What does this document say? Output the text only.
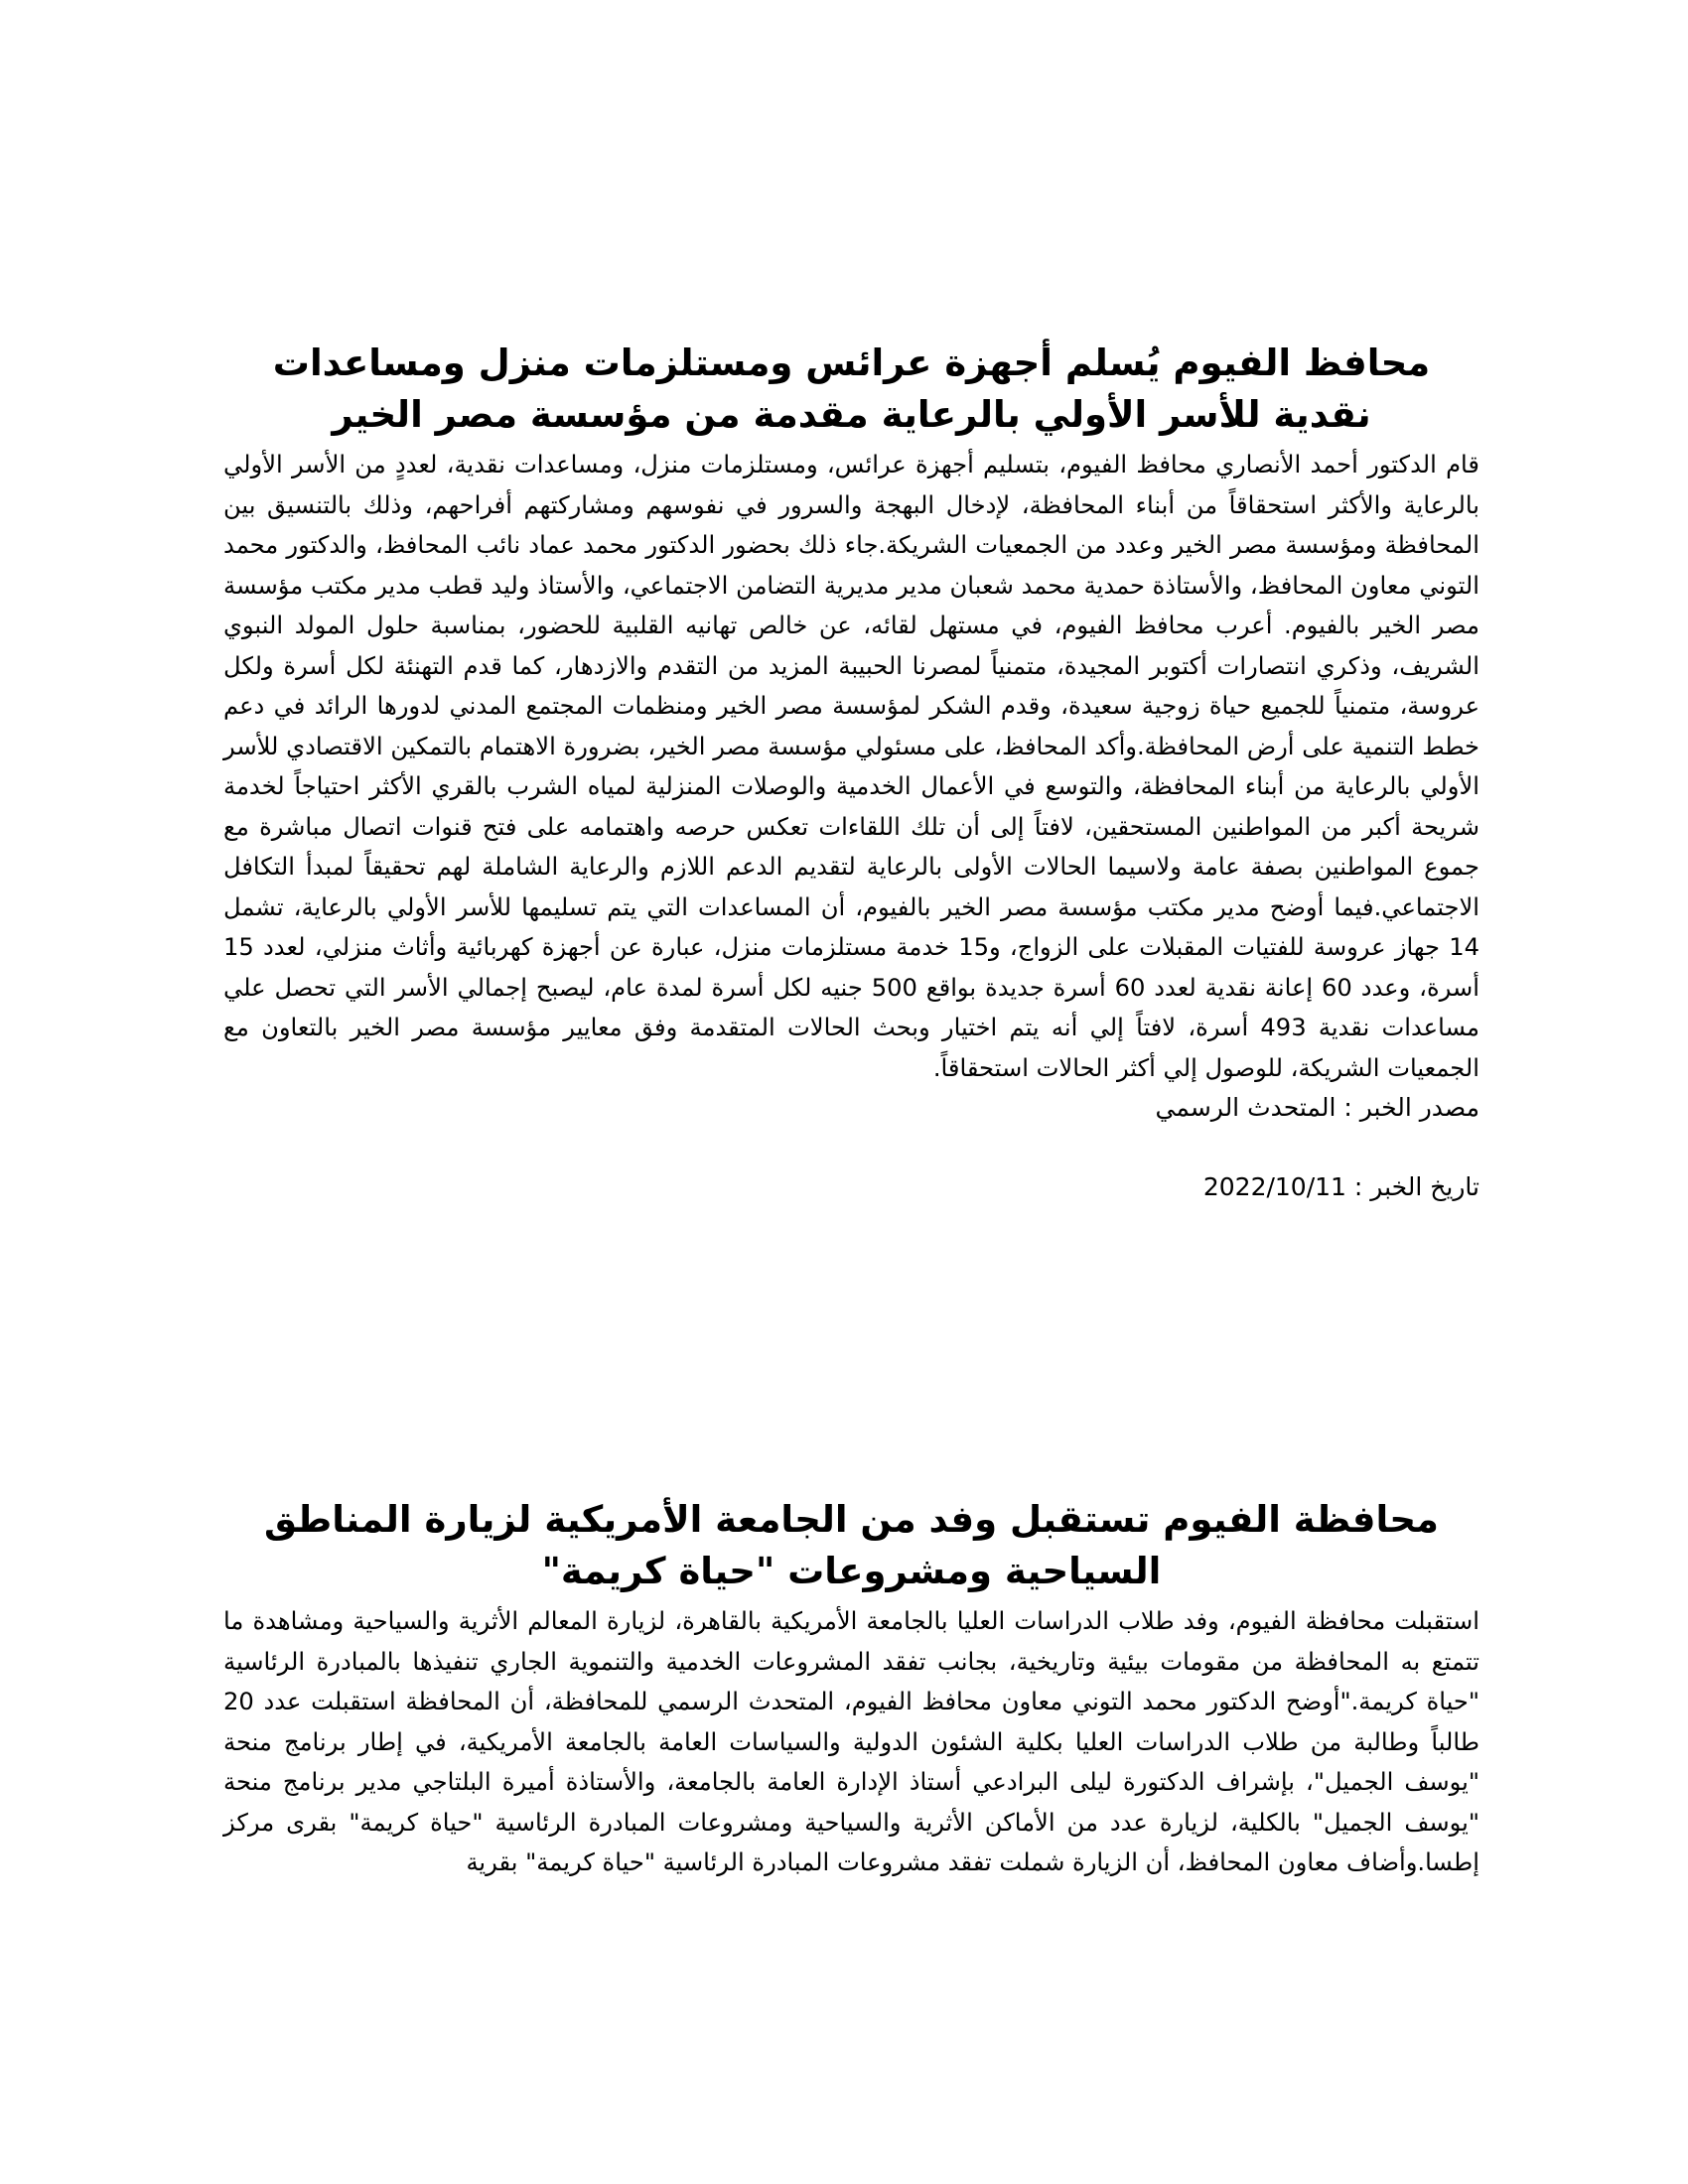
محافظ الفيوم يُسلم أجهزة عرائس ومستلزمات منزل ومساعدات نقدية للأسر الأولي بالرعاية مقدمة من مؤسسة مصر الخير

قام الدكتور أحمد الأنصاري محافظ الفيوم، بتسليم أجهزة عرائس، ومستلزمات منزل، ومساعدات نقدية، لعددٍ من الأسر الأولي بالرعاية والأكثر استحقاقاً من أبناء المحافظة، لإدخال البهجة والسرور في نفوسهم ومشاركتهم أفراحهم، وذلك بالتنسيق بين المحافظة ومؤسسة مصر الخير وعدد من الجمعيات الشريكة.جاء ذلك بحضور الدكتور محمد عماد نائب المحافظ، والدكتور محمد التوني معاون المحافظ، والأستاذة حمدية محمد شعبان مدير مديرية التضامن الاجتماعي، والأستاذ وليد قطب مدير مكتب مؤسسة مصر الخير بالفيوم. أعرب محافظ الفيوم، في مستهل لقائه، عن خالص تهانيه القلبية للحضور، بمناسبة حلول المولد النبوي الشريف، وذكري انتصارات أكتوبر المجيدة، متمنياً لمصرنا الحبيبة المزيد من التقدم والازدهار، كما قدم التهنئة لكل أسرة ولكل عروسة، متمنياً للجميع حياة زوجية سعيدة، وقدم الشكر لمؤسسة مصر الخير ومنظمات المجتمع المدني لدورها الرائد في دعم خطط التنمية على أرض المحافظة.وأكد المحافظ، على مسئولي مؤسسة مصر الخير، بضرورة الاهتمام بالتمكين الاقتصادي للأسر الأولي بالرعاية من أبناء المحافظة، والتوسع في الأعمال الخدمية والوصلات المنزلية لمياه الشرب بالقري الأكثر احتياجاً لخدمة شريحة أكبر من المواطنين المستحقين، لافتاً إلى أن تلك اللقاءات تعكس حرصه واهتمامه على فتح قنوات اتصال مباشرة مع جموع المواطنين بصفة عامة ولاسيما الحالات الأولى بالرعاية لتقديم الدعم اللازم والرعاية الشاملة لهم تحقيقاً لمبدأ التكافل الاجتماعي.فيما أوضح مدير مكتب مؤسسة مصر الخير بالفيوم، أن المساعدات التي يتم تسليمها للأسر الأولي بالرعاية، تشمل 14 جهاز عروسة للفتيات المقبلات على الزواج، و15 خدمة مستلزمات منزل، عبارة عن أجهزة كهربائية وأثاث منزلي، لعدد 15 أسرة، وعدد 60 إعانة نقدية لعدد 60 أسرة جديدة بواقع 500 جنيه لكل أسرة لمدة عام، ليصبح إجمالي الأسر التي تحصل علي مساعدات نقدية 493 أسرة، لافتاً إلي أنه يتم اختيار وبحث الحالات المتقدمة وفق معايير مؤسسة مصر الخير بالتعاون مع الجمعيات الشريكة، للوصول إلي أكثر الحالات استحقاقاً.

مصدر الخبر : المتحدث الرسمي
تاريخ الخبر : 2022/10/11
محافظة الفيوم تستقبل وفد من الجامعة الأمريكية لزيارة المناطق السياحية ومشروعات "حياة كريمة"

استقبلت محافظة الفيوم، وفد طلاب الدراسات العليا بالجامعة الأمريكية بالقاهرة، لزيارة المعالم الأثرية والسياحية ومشاهدة ما تتمتع به المحافظة من مقومات بيئية وتاريخية، بجانب تفقد المشروعات الخدمية والتنموية الجاري تنفيذها بالمبادرة الرئاسية "حياة كريمة."أوضح الدكتور محمد التوني معاون محافظ الفيوم، المتحدث الرسمي للمحافظة، أن المحافظة استقبلت عدد 20 طالباً وطالبة من طلاب الدراسات العليا بكلية الشئون الدولية والسياسات العامة بالجامعة الأمريكية، في إطار برنامج منحة "يوسف الجميل"، بإشراف الدكتورة ليلى البرادعي أستاذ الإدارة العامة بالجامعة، والأستاذة أميرة البلتاجي مدير برنامج منحة "يوسف الجميل" بالكلية، لزيارة عدد من الأماكن الأثرية والسياحية ومشروعات المبادرة الرئاسية "حياة كريمة" بقرى مركز إطسا.وأضاف معاون المحافظ، أن الزيارة شملت تفقد مشروعات المبادرة الرئاسية "حياة كريمة" بقرية
